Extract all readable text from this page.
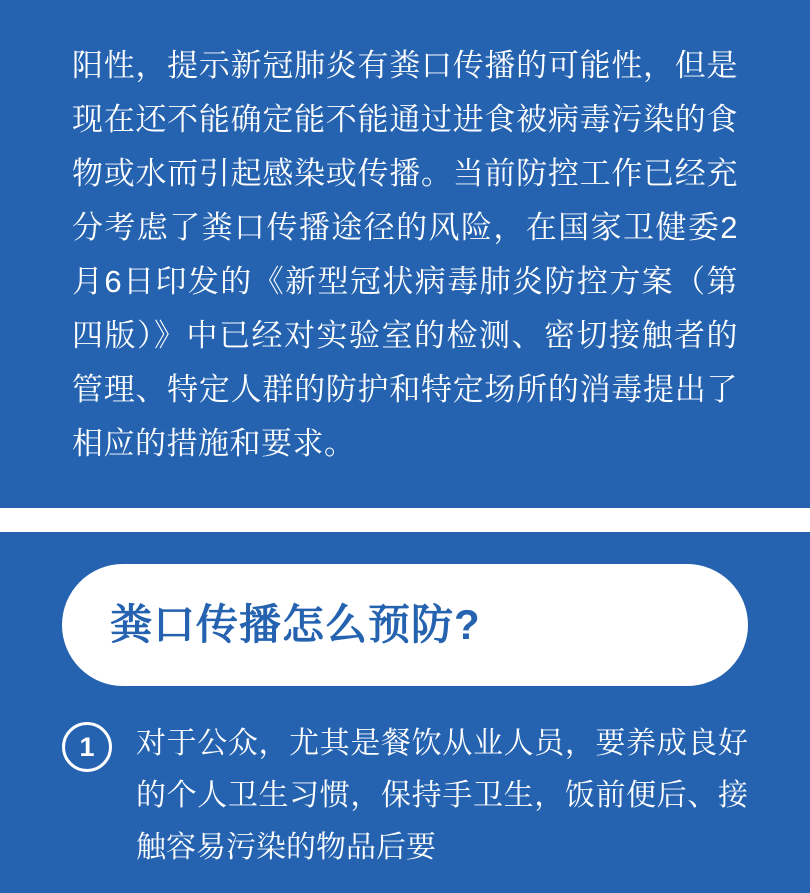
阳性，提示新冠肺炎有粪口传播的可能性，但是现在还不能确定能不能通过进食被病毒污染的食物或水而引起感染或传播。当前防控工作已经充分考虑了粪口传播途径的风险，在国家卫健委2月6日印发的《新型冠状病毒肺炎防控方案（第四版）》中已经对实验室的检测、密切接触者的管理、特定人群的防护和特定场所的消毒提出了相应的措施和要求。

粪口传播怎么预防?
1	对于公众，尤其是餐饮从业人员，要养成良好的个人卫生习惯，保持手卫生，饭前便后、接触容易污染的物品后要
